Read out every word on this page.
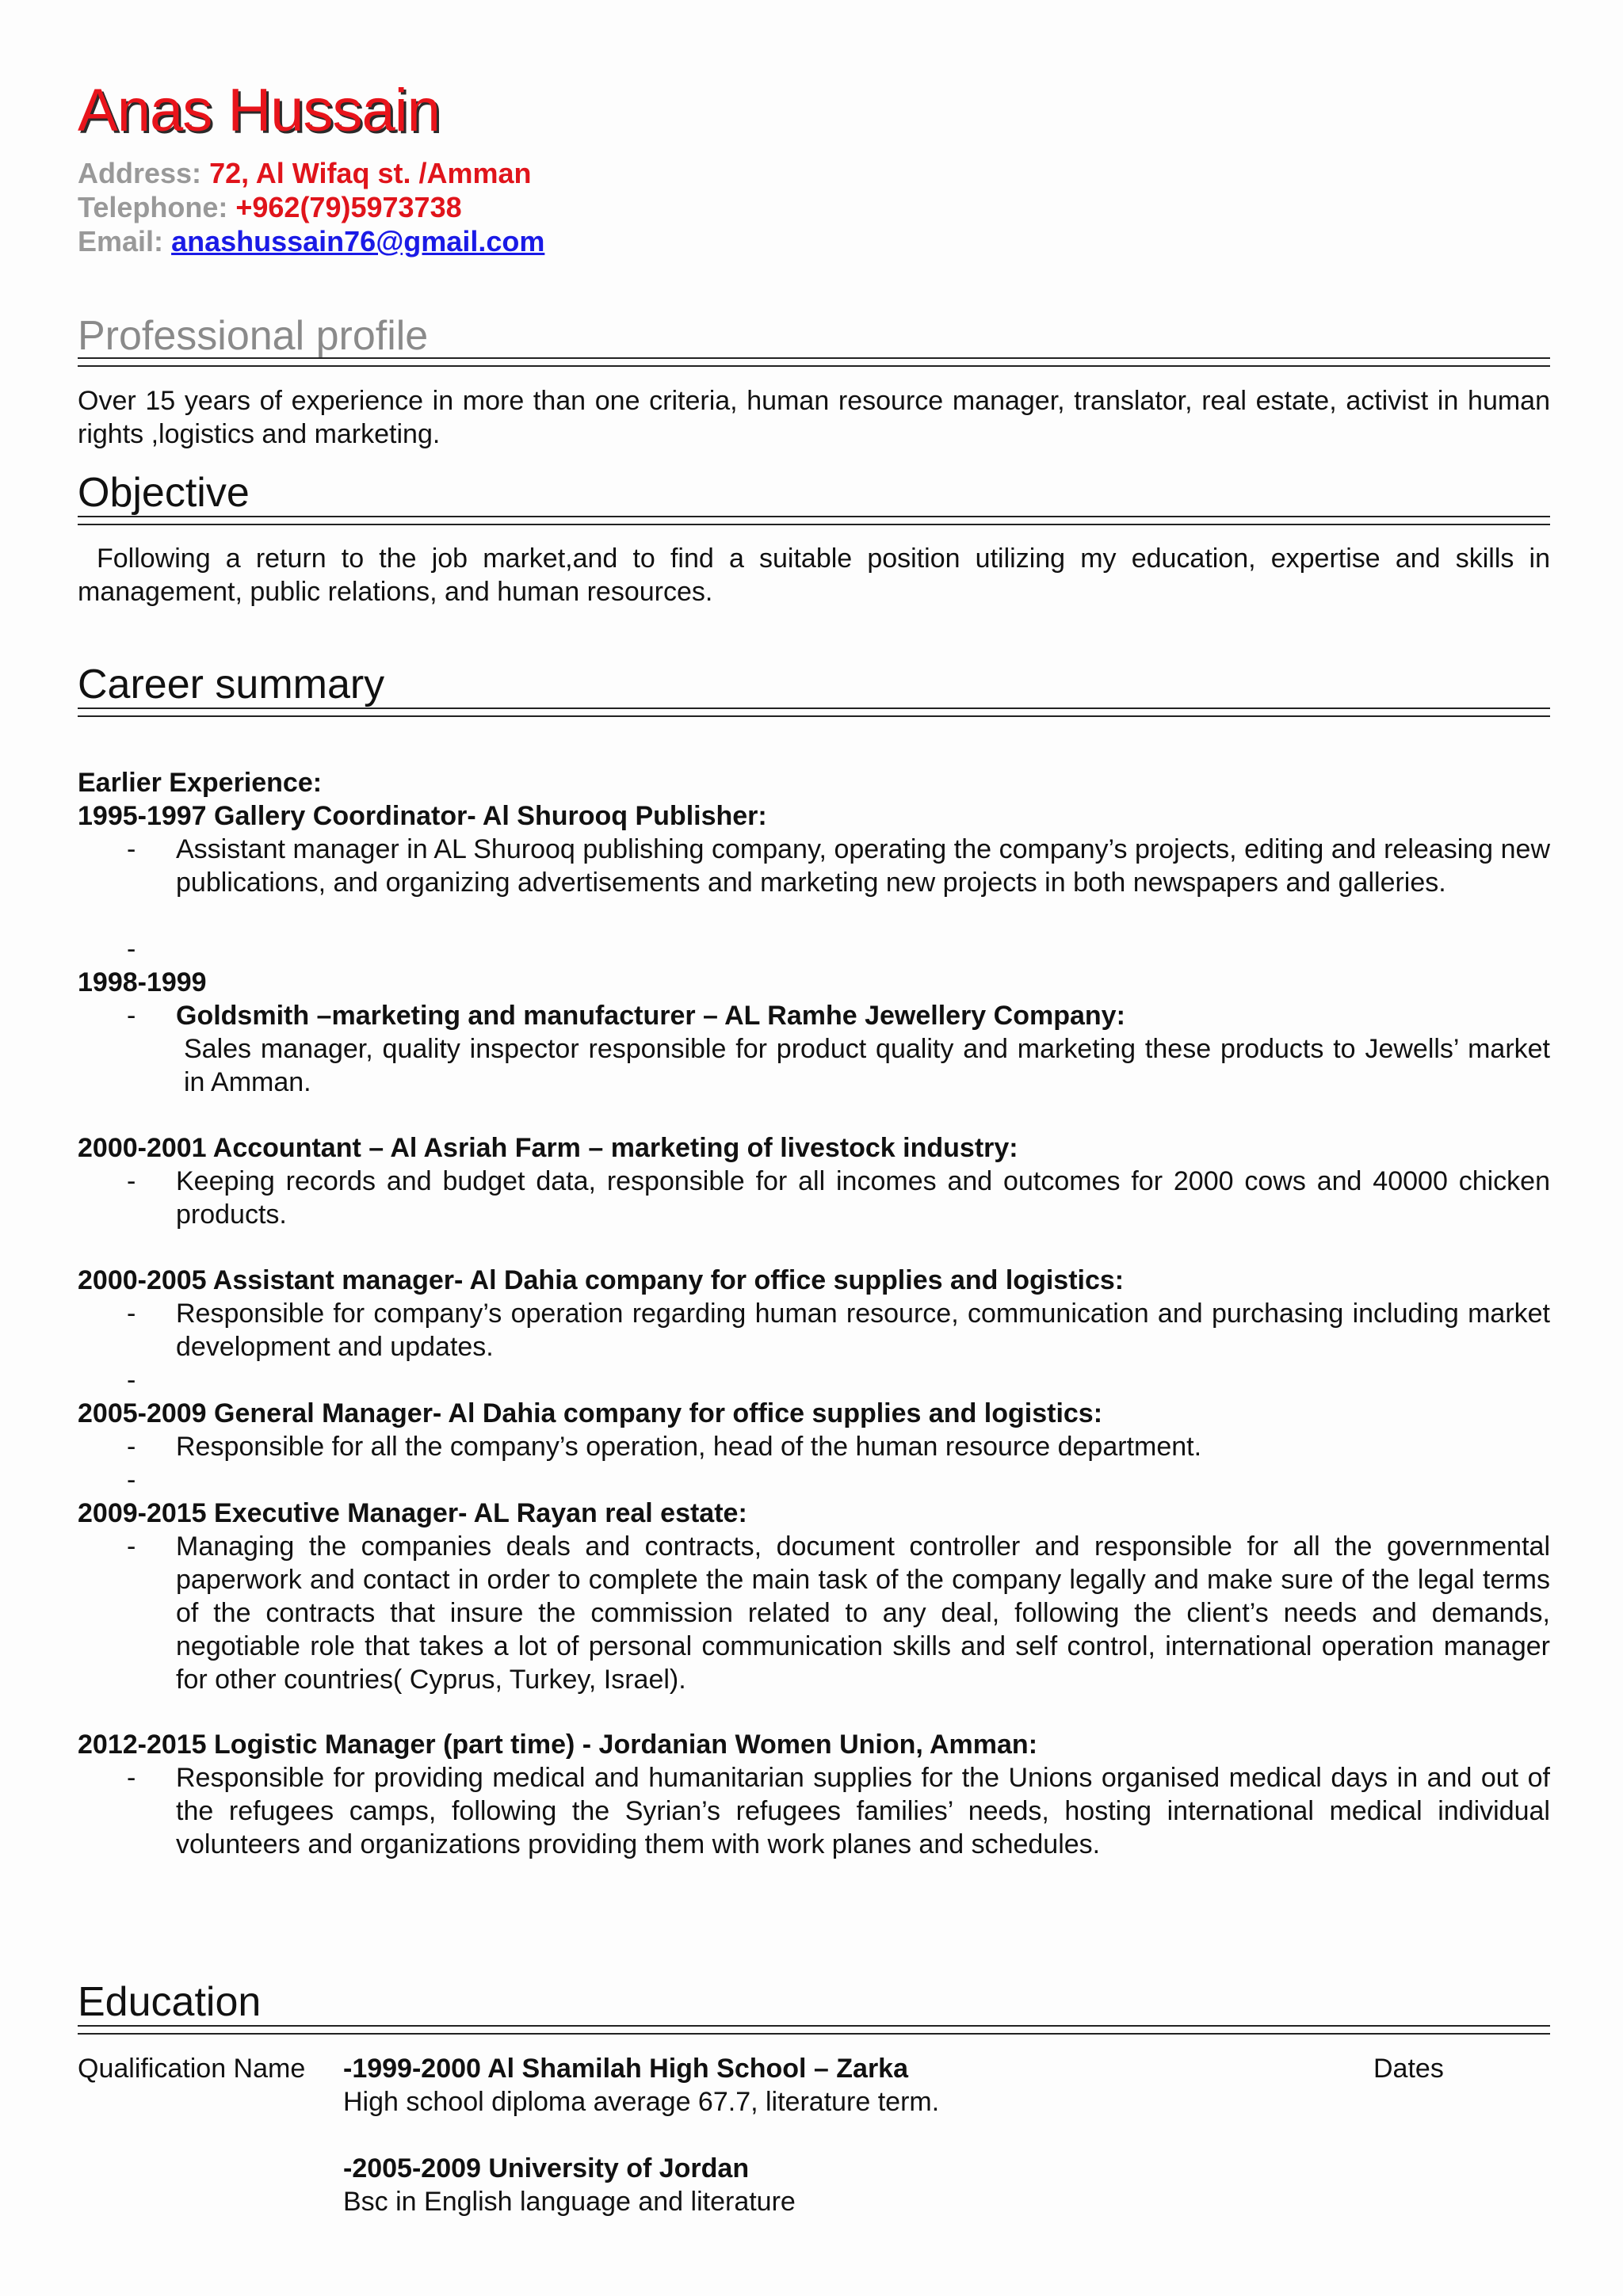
Anas Hussain
Address: 72, Al Wifaq st. /Amman
Telephone: +962(79)5973738
Email: anashussain76@gmail.com
Professional profile
Over 15 years of experience in more than one criteria, human resource manager, translator, real estate, activist in human rights ,logistics and marketing.
Objective
Following a return to the job market,and to find a suitable position utilizing my education, expertise and skills in management, public relations, and human resources.
Career summary
Earlier Experience:
1995-1997 Gallery Coordinator- Al Shurooq Publisher:
- Assistant manager in AL Shurooq publishing company, operating the company’s projects, editing and releasing new publications, and organizing advertisements and marketing new projects in both newspapers and galleries.
-
1998-1999
- Goldsmith –marketing and manufacturer – AL Ramhe Jewellery Company:
Sales manager, quality inspector responsible for product quality and marketing these products to Jewells’ market in Amman.
2000-2001 Accountant – Al Asriah Farm – marketing of livestock industry:
- Keeping records and budget data, responsible for all incomes and outcomes for 2000 cows and 40000 chicken products.
2000-2005 Assistant manager- Al Dahia company for office supplies and logistics:
- Responsible for company’s operation regarding human resource, communication and purchasing including market development and updates.
-
2005-2009 General Manager- Al Dahia company for office supplies and logistics:
- Responsible for all the company’s operation, head of the human resource department.
-
2009-2015 Executive Manager- AL Rayan real estate:
- Managing the companies deals and contracts, document controller and responsible for all the governmental paperwork and contact in order to complete the main task of the company legally and make sure of the legal terms of the contracts that insure the commission related to any deal, following the client’s needs and demands, negotiable role that takes a lot of personal communication skills and self control, international operation manager for other countries( Cyprus, Turkey, Israel).
2012-2015 Logistic Manager (part time) - Jordanian Women Union, Amman:
- Responsible for providing medical and humanitarian supplies for the Unions organised medical days in and out of the refugees camps, following the Syrian’s refugees families’ needs, hosting international medical individual volunteers and organizations providing them with work planes and schedules.
Education
Qualification Name	Dates
-1999-2000 Al Shamilah High School – Zarka
High school diploma average 67.7, literature term.
-2005-2009 University of Jordan
Bsc in English language and literature
